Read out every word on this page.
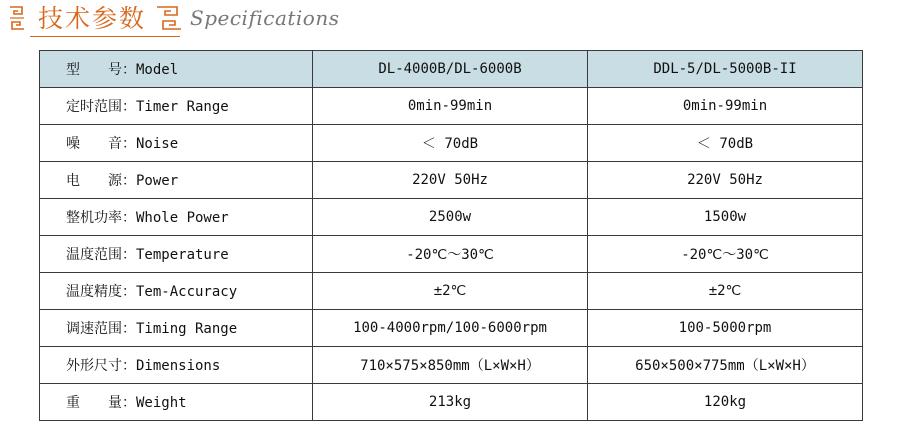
技术参数 Specifications
型　　号：Model	DL-4000B/DL-6000B	DDL-5/DL-5000B-II
定时范围：Timer Range	0min-99min	0min-99min
噪　　音：Noise	＜ 70dB	＜ 70dB
电　　源：Power	220V 50Hz	220V 50Hz
整机功率：Whole Power	2500w	1500w
温度范围：Temperature	-20℃～30℃	-20℃～30℃
温度精度：Tem-Accuracy	±2℃	±2℃
调速范围：Timing Range	100-4000rpm/100-6000rpm	100-5000rpm
外形尺寸：Dimensions	710×575×850mm（L×W×H）	650×500×775mm（L×W×H）
重　　量：Weight	213kg	120kg
